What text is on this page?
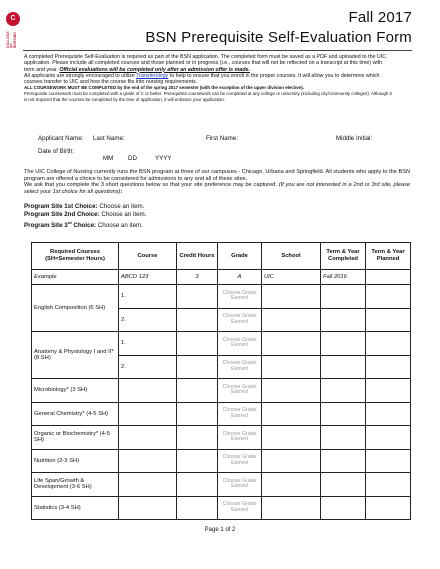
C
COLLEGE OF NURSING
Fall 2017
BSN Prerequisite Self-Evaluation Form
A completed Prerequisite Self-Evaluation is required as part of the BSN application. The completed form must be saved as a PDF and uploaded to the UIC application. Please include all completed courses and those planned or in progress (i.e., courses that will not be reflected on a transcript at this time) with term and year. Official evaluations will be completed only after an admission offer is made.
All applicants are strongly encouraged to utilize Transferology to help to ensure that you enroll in the proper courses. It will allow you to determine which courses transfer to UIC and how the course fits into nursing requirements.
ALL COURSEWORK MUST BE COMPLETED by the end of the spring 2017 semester (with the exception of the upper division elective).
Prerequisite coursework must be completed with a grade of C or better. Prerequisite coursework can be completed at any college or university (including city/community colleges). Although it is not required that the courses be completed by the time of application, it will enhance your application.
Applicant Name: Last Name:	First Name:	Middle Initial:
Date of Birth:
MM DD	YYYY
The UIC College of Nursing currently runs the BSN program at three of our campuses - Chicago, Urbana and Springfield. All students who apply to the BSN program are offered a choice to be considered for admissions to any and all of these sites.
We ask that you complete the 3 short questions below so that your site preference may be captured. (If you are not interested in a 2nd or 3rd site, please select your 1st choice for all questions):
Program Site 1st Choice: Choose an item.
Program Site 2nd Choice: Choose an item.
Program Site 3rd Choice: Choose an item.
Required Courses (SH=Semester Hours)	Course	Credit Hours	Grade	School	Term & Year Completed	Term & Year Planned
Example	ABCD 123	3	A	UIC	Fall 2016	
English Composition (6 SH)	1.		Choose Grade Earned			
	2.		Choose Grade Earned			
Anatomy & Physiology I and II* (8 SH)	1.		Choose Grade Earned			
	2.		Choose Grade Earned			
Microbiology* (3 SH)			Choose Grade Earned			
General Chemistry* (4-5 SH)			Choose Grade Earned			
Organic or Biochemistry* (4-5 SH)			Choose Grade Earned			
Nutrition (2-3 SH)			Choose Grade Earned			
Life Span/Growth & Development (3-6 SH)			Choose Grade Earned			
Statistics (3-4 SH)			Choose Grade Earned			
Page 1 of 2
